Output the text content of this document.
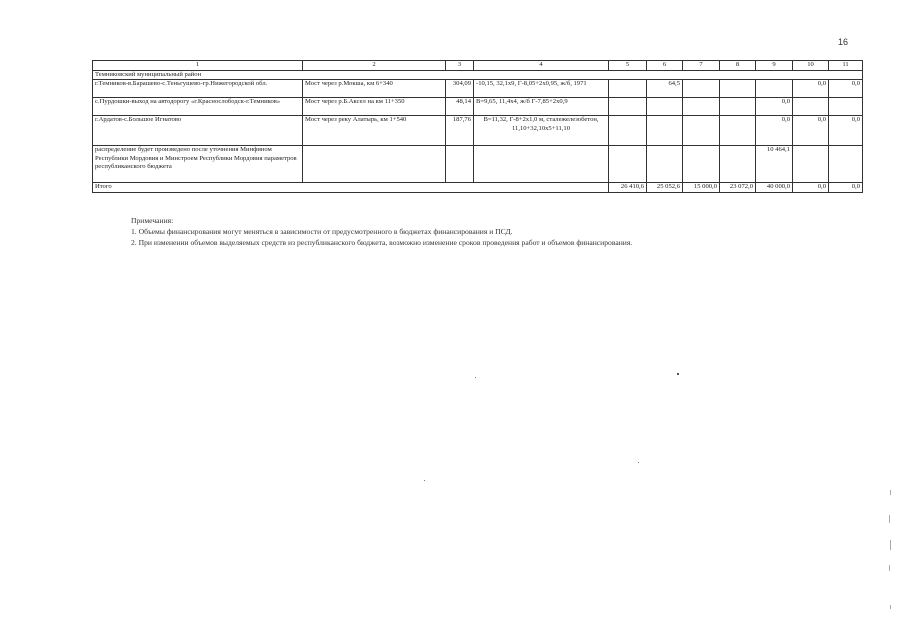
16
1	2	3	4	5	6	7	8	9	10	11
Темниковский муниципальный район										
г.Темников-в.Барашево-с.Теньгушево-гр.Нижегородской обл.	Мост через р.Мокша, км 6+340	304,09	-10,15, 32,1х9, Г-8,05+2х0,95, ж/б, 1971		64,5				0,0	0,0
с.Пурдошки-выход на автодорогу «г.Краснослободск-г.Темников»	Мост через р.Б.Аксел на км 11+350	48,14	В=9,65, 11,4х4, ж/б Г-7,85+2х0,9					0,0		
г.Ардатов-с.Большое Игнатово	Мост через реку Алатырь, км 1+540	187,76	В=11,32, Г-8+2х1,0 м, сталежелезобетон, 11,10+32,10х5+11,10					0,0	0,0	0,0
распределение будет произведено после уточнения Минфином Республики Мордовия и Минстроем Республики Мордовия параметров республиканского бюджета								10 464,1		
Итого				26 410,6	25 052,6	15 000,0	23 072,0	40 000,0	0,0	0,0
Примечания:
1. Объемы финансирования могут меняться в зависимости от предусмотренного в бюджетах финансирования и ПСД.
2. При изменении объемов выделяемых средств из республиканского бюджета, возможно изменение сроков проведения работ и объемов финансирования.
